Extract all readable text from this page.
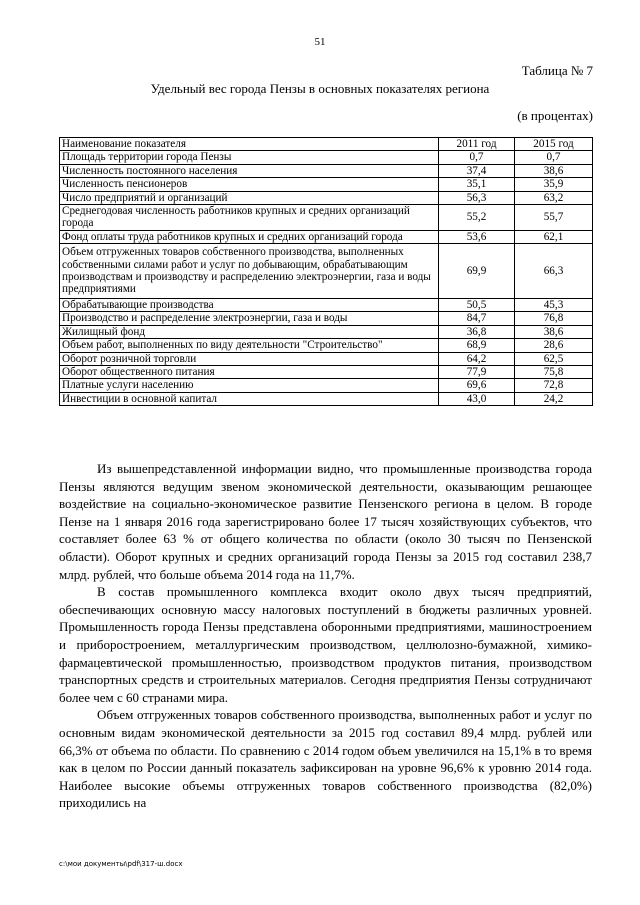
51
Таблица № 7
Удельный вес города Пензы в основных показателях региона
(в процентах)
Наименование показателя	2011 год	2015 год
Площадь территории города Пензы	0,7	0,7
Численность постоянного населения	37,4	38,6
Численность пенсионеров	35,1	35,9
Число предприятий и организаций	56,3	63,2
Среднегодовая численность работников крупных и средних организаций города	55,2	55,7
Фонд оплаты труда работников крупных и средних организаций города	53,6	62,1
Объем отгруженных товаров собственного производства, выполненных собственными силами работ и услуг по добывающим, обрабатывающим производствам и производству и распределению электроэнергии, газа и воды предприятиями	69,9	66,3
Обрабатывающие производства	50,5	45,3
Производство и распределение электроэнергии, газа и воды	84,7	76,8
Жилищный фонд	36,8	38,6
Объем работ, выполненных по виду деятельности "Строительство"	68,9	28,6
Оборот розничной торговли	64,2	62,5
Оборот общественного питания	77,9	75,8
Платные услуги населению	69,6	72,8
Инвестиции в основной капитал	43,0	24,2

Из вышепредставленной информации видно, что промышленные производства города Пензы являются ведущим звеном экономической деятельности, оказывающим решающее воздействие на социально-экономическое развитие Пензенского региона в целом. В городе Пензе на 1 января 2016 года зарегистрировано более 17 тысяч хозяйствующих субъектов, что составляет более 63 % от общего количества по области (около 30 тысяч по Пензенской области). Оборот крупных и средних организаций города Пензы за 2015 год составил 238,7 млрд. рублей, что больше объема 2014 года на 11,7%.

В состав промышленного комплекса входит около двух тысяч предприятий, обеспечивающих основную массу налоговых поступлений в бюджеты различных уровней. Промышленность города Пензы представлена оборонными предприятиями, машиностроением и приборостроением, металлургическим производством, целлюлозно-бумажной, химико-фармацевтической промышленностью, производством продуктов питания, производством транспортных средств и строительных материалов. Сегодня предприятия Пензы сотрудничают более чем с 60 странами мира.

Объем отгруженных товаров собственного производства, выполненных работ и услуг по основным видам экономической деятельности за 2015 год составил 89,4 млрд. рублей или 66,3% от объема по области. По сравнению с 2014 годом объем увеличился на 15,1% в то время как в целом по России данный показатель зафиксирован на уровне 96,6% к уровню 2014 года. Наиболее высокие объемы отгруженных товаров собственного производства (82,0%) приходились на

c:\мои документы\pdf\317-ш.docx
